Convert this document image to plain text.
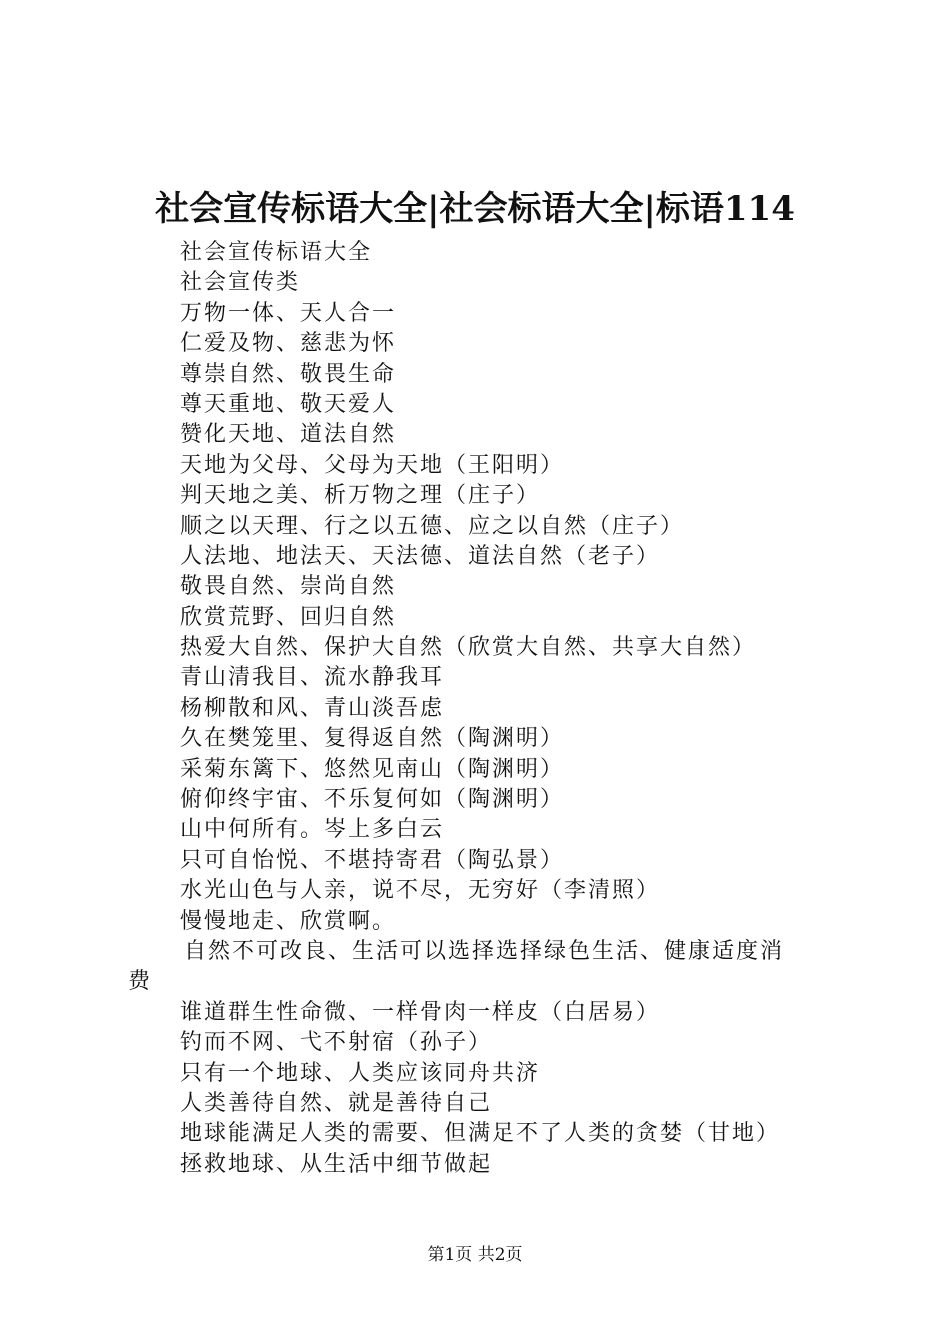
社会宣传标语大全|社会标语大全|标语114
社会宣传标语大全
社会宣传类
万物一体、天人合一
仁爱及物、慈悲为怀
尊崇自然、敬畏生命
尊天重地、敬天爱人
赞化天地、道法自然
天地为父母、父母为天地（王阳明）
判天地之美、析万物之理（庄子）
顺之以天理、行之以五德、应之以自然（庄子）
人法地、地法天、天法德、道法自然（老子）
敬畏自然、崇尚自然
欣赏荒野、回归自然
热爱大自然、保护大自然（欣赏大自然、共享大自然）
青山清我目、流水静我耳
杨柳散和风、青山淡吾虑
久在樊笼里、复得返自然（陶渊明）
采菊东篱下、悠然见南山（陶渊明）
俯仰终宇宙、不乐复何如（陶渊明）
山中何所有。岑上多白云
只可自怡悦、不堪持寄君（陶弘景）
水光山色与人亲，说不尽，无穷好（李清照）
慢慢地走、欣赏啊。
自然不可改良、生活可以选择选择绿色生活、健康适度消
费
谁道群生性命微、一样骨肉一样皮（白居易）
钓而不网、弋不射宿（孙子）
只有一个地球、人类应该同舟共济
人类善待自然、就是善待自己
地球能满足人类的需要、但满足不了人类的贪婪（甘地）
拯救地球、从生活中细节做起
第1页 共2页
